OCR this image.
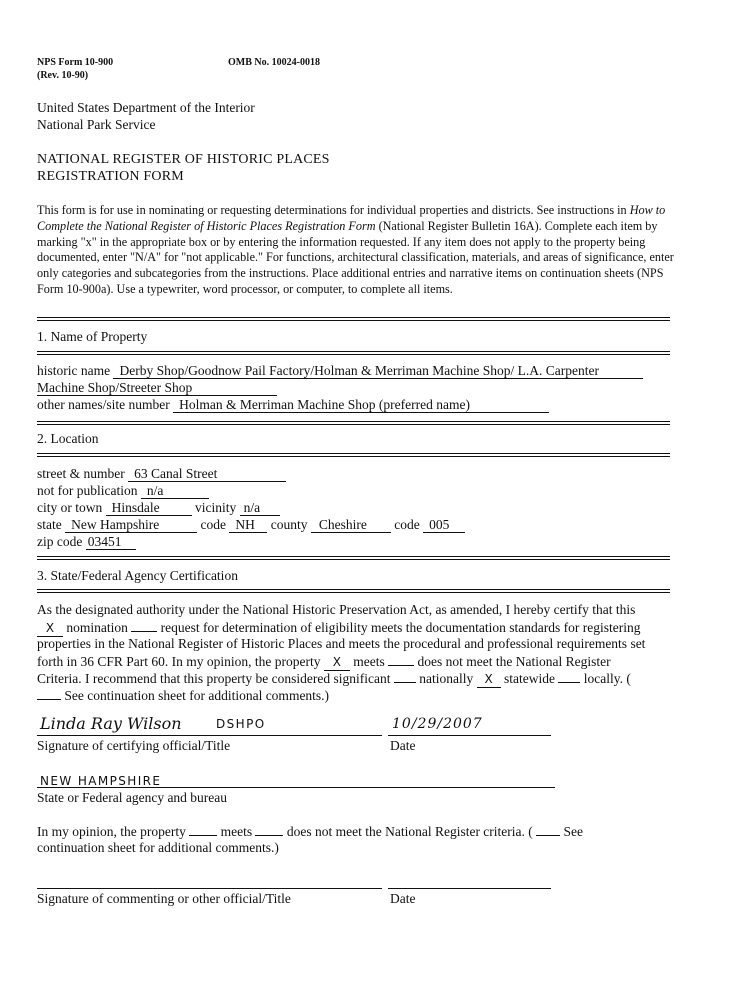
NPS Form 10-900
(Rev. 10-90)
OMB No. 10024-0018
United States Department of the Interior
National Park Service
NATIONAL REGISTER OF HISTORIC PLACES
REGISTRATION FORM
This form is for use in nominating or requesting determinations for individual properties and districts. See instructions in How to Complete the National Register of Historic Places Registration Form (National Register Bulletin 16A). Complete each item by marking "x" in the appropriate box or by entering the information requested. If any item does not apply to the property being documented, enter "N/A" for "not applicable." For functions, architectural classification, materials, and areas of significance, enter only categories and subcategories from the instructions. Place additional entries and narrative items on continuation sheets (NPS Form 10-900a). Use a typewriter, word processor, or computer, to complete all items.
1. Name of Property
historic name Derby Shop/Goodnow Pail Factory/Holman & Merriman Machine Shop/ L.A. Carpenter
Machine Shop/Streeter Shop
other names/site number Holman & Merriman Machine Shop (preferred name)
2. Location
street & number 63 Canal Street
not for publication n/a
city or town Hinsdale	vicinity n/a
state New Hampshire	code NH county Cheshire code 005
zip code 03451
3. State/Federal Agency Certification
As the designated authority under the National Historic Preservation Act, as amended, I hereby certify that this
X nomination request for determination of eligibility meets the documentation standards for registering
properties in the National Register of Historic Places and meets the procedural and professional requirements set
forth in 36 CFR Part 60. In my opinion, the property X meets does not meet the National Register
Criteria. I recommend that this property be considered significant nationally X statewide locally. (
See continuation sheet for additional comments.)
Linda Ray Wilson	DSHPO	10/29/2007
Signature of certifying official/Title	Date
NEW HAMPSHIRE
State or Federal agency and bureau
In my opinion, the property	meets	does not meet the National Register criteria. ( See
continuation sheet for additional comments.)
Signature of commenting or other official/Title	Date
